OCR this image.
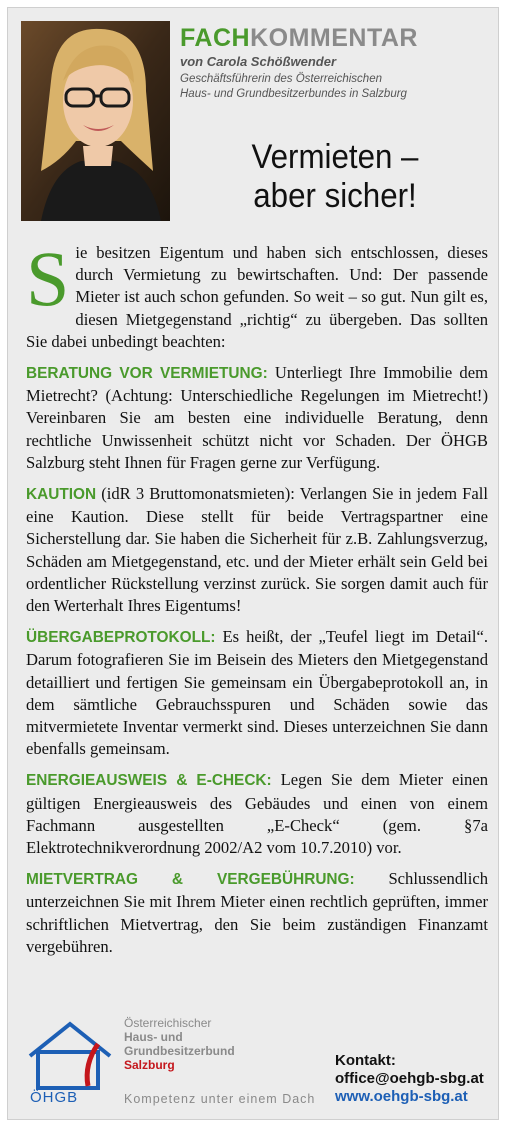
FACHKOMMENTAR
von Carola Schößwender
Geschäftsführerin des Österreichischen
Haus- und Grundbesitzerbundes in Salzburg
Vermieten –
aber sicher!

Sie besitzen Eigentum und haben sich entschlossen, dieses durch Vermietung zu bewirtschaften. Und: Der passende Mieter ist auch schon gefunden. So weit – so gut. Nun gilt es, diesen Mietgegenstand „richtig“ zu übergeben. Das sollten Sie dabei unbedingt beachten:

BERATUNG VOR VERMIETUNG: Unterliegt Ihre Immobilie dem Mietrecht? (Achtung: Unterschiedliche Regelungen im Mietrecht!) Vereinbaren Sie am besten eine individuelle Beratung, denn rechtliche Unwissenheit schützt nicht vor Schaden. Der ÖHGB Salzburg steht Ihnen für Fragen gerne zur Verfügung.

KAUTION (idR 3 Bruttomonatsmieten): Verlangen Sie in jedem Fall eine Kaution. Diese stellt für beide Vertragspartner eine Sicherstellung dar. Sie haben die Sicherheit für z.B. Zahlungsverzug, Schäden am Mietgegenstand, etc. und der Mieter erhält sein Geld bei ordentlicher Rückstellung verzinst zurück. Sie sorgen damit auch für den Werterhalt Ihres Eigentums!

ÜBERGABEPROTOKOLL: Es heißt, der „Teufel liegt im Detail“. Darum fotografieren Sie im Beisein des Mieters den Mietgegenstand detailliert und fertigen Sie gemeinsam ein Übergabeprotokoll an, in dem sämtliche Gebrauchsspuren und Schäden sowie das mitvermietete Inventar vermerkt sind. Dieses unterzeichnen Sie dann ebenfalls gemeinsam.

ENERGIEAUSWEIS & E-CHECK: Legen Sie dem Mieter einen gültigen Energieausweis des Gebäudes und einen von einem Fachmann ausgestellten „E-Check“ (gem. §7a Elektrotechnikverordnung 2002/A2 vom 10.7.2010) vor.

MIETVERTRAG & VERGEBÜHRUNG: Schlussendlich unterzeichnen Sie mit Ihrem Mieter einen rechtlich geprüften, immer schriftlichen Mietvertrag, den Sie beim zuständigen Finanzamt vergebühren.

ÖHGB
Österreichischer
Haus- und
Grundbesitzerbund
Salzburg
Kompetenz unter einem Dach
Kontakt:
office@oehgb-sbg.at
www.oehgb-sbg.at
